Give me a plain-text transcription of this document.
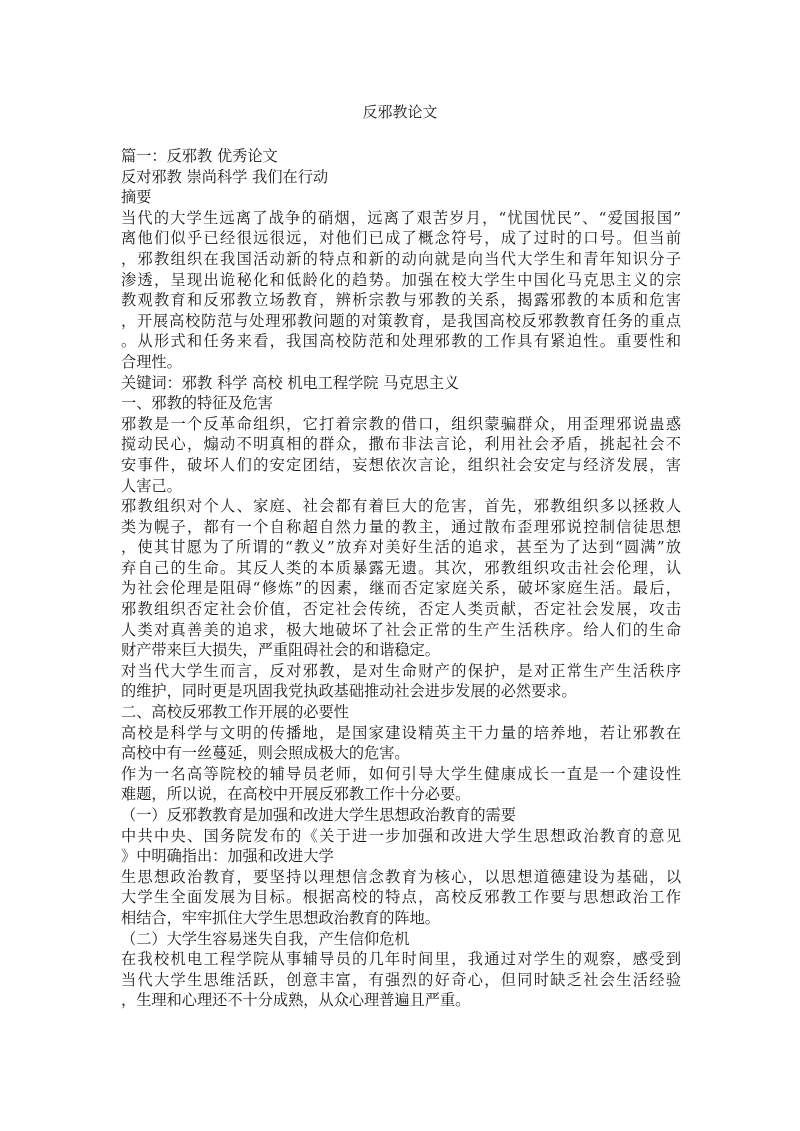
反邪教论文
篇一：反邪教 优秀论文
反对邪教 崇尚科学 我们在行动
摘要
当代的大学生远离了战争的硝烟，远离了艰苦岁月，“忧国忧民”、“爱国报国”
离他们似乎已经很远很远，对他们已成了概念符号，成了过时的口号。但当前
，邪教组织在我国活动新的特点和新的动向就是向当代大学生和青年知识分子
渗透，呈现出诡秘化和低龄化的趋势。加强在校大学生中国化马克思主义的宗
教观教育和反邪教立场教育，辨析宗教与邪教的关系，揭露邪教的本质和危害
，开展高校防范与处理邪教问题的对策教育，是我国高校反邪教教育任务的重点
。从形式和任务来看，我国高校防范和处理邪教的工作具有紧迫性。重要性和
合理性。
关键词：邪教 科学 高校 机电工程学院 马克思主义
一、邪教的特征及危害
邪教是一个反革命组织，它打着宗教的借口，组织蒙骗群众，用歪理邪说蛊惑
搅动民心，煽动不明真相的群众，撒布非法言论，利用社会矛盾，挑起社会不
安事件，破坏人们的安定团结，妄想依次言论，组织社会安定与经济发展，害
人害己。
邪教组织对个人、家庭、社会都有着巨大的危害，首先，邪教组织多以拯救人
类为幌子，都有一个自称超自然力量的教主，通过散布歪理邪说控制信徒思想
，使其甘愿为了所谓的“教义”放弃对美好生活的追求，甚至为了达到“圆满”放
弃自己的生命。其反人类的本质暴露无遗。其次，邪教组织攻击社会伦理，认
为社会伦理是阻碍“修炼”的因素，继而否定家庭关系，破坏家庭生活。最后，
邪教组织否定社会价值，否定社会传统，否定人类贡献，否定社会发展，攻击
人类对真善美的追求，极大地破坏了社会正常的生产生活秩序。给人们的生命
财产带来巨大损失，严重阻碍社会的和谐稳定。
对当代大学生而言，反对邪教，是对生命财产的保护，是对正常生产生活秩序
的维护，同时更是巩固我党执政基础推动社会进步发展的必然要求。
二、高校反邪教工作开展的必要性
高校是科学与文明的传播地，是国家建设精英主干力量的培养地，若让邪教在
高校中有一丝蔓延，则会照成极大的危害。
作为一名高等院校的辅导员老师，如何引导大学生健康成长一直是一个建设性
难题，所以说，在高校中开展反邪教工作十分必要。
（一）反邪教教育是加强和改进大学生思想政治教育的需要
中共中央、国务院发布的《关于进一步加强和改进大学生思想政治教育的意见
》中明确指出：加强和改进大学
生思想政治教育，要坚持以理想信念教育为核心，以思想道德建设为基础，以
大学生全面发展为目标。根据高校的特点，高校反邪教工作要与思想政治工作
相结合，牢牢抓住大学生思想政治教育的阵地。
（二）大学生容易迷失自我，产生信仰危机
在我校机电工程学院从事辅导员的几年时间里，我通过对学生的观察，感受到
当代大学生思维活跃，创意丰富，有强烈的好奇心，但同时缺乏社会生活经验
，生理和心理还不十分成熟，从众心理普遍且严重。
